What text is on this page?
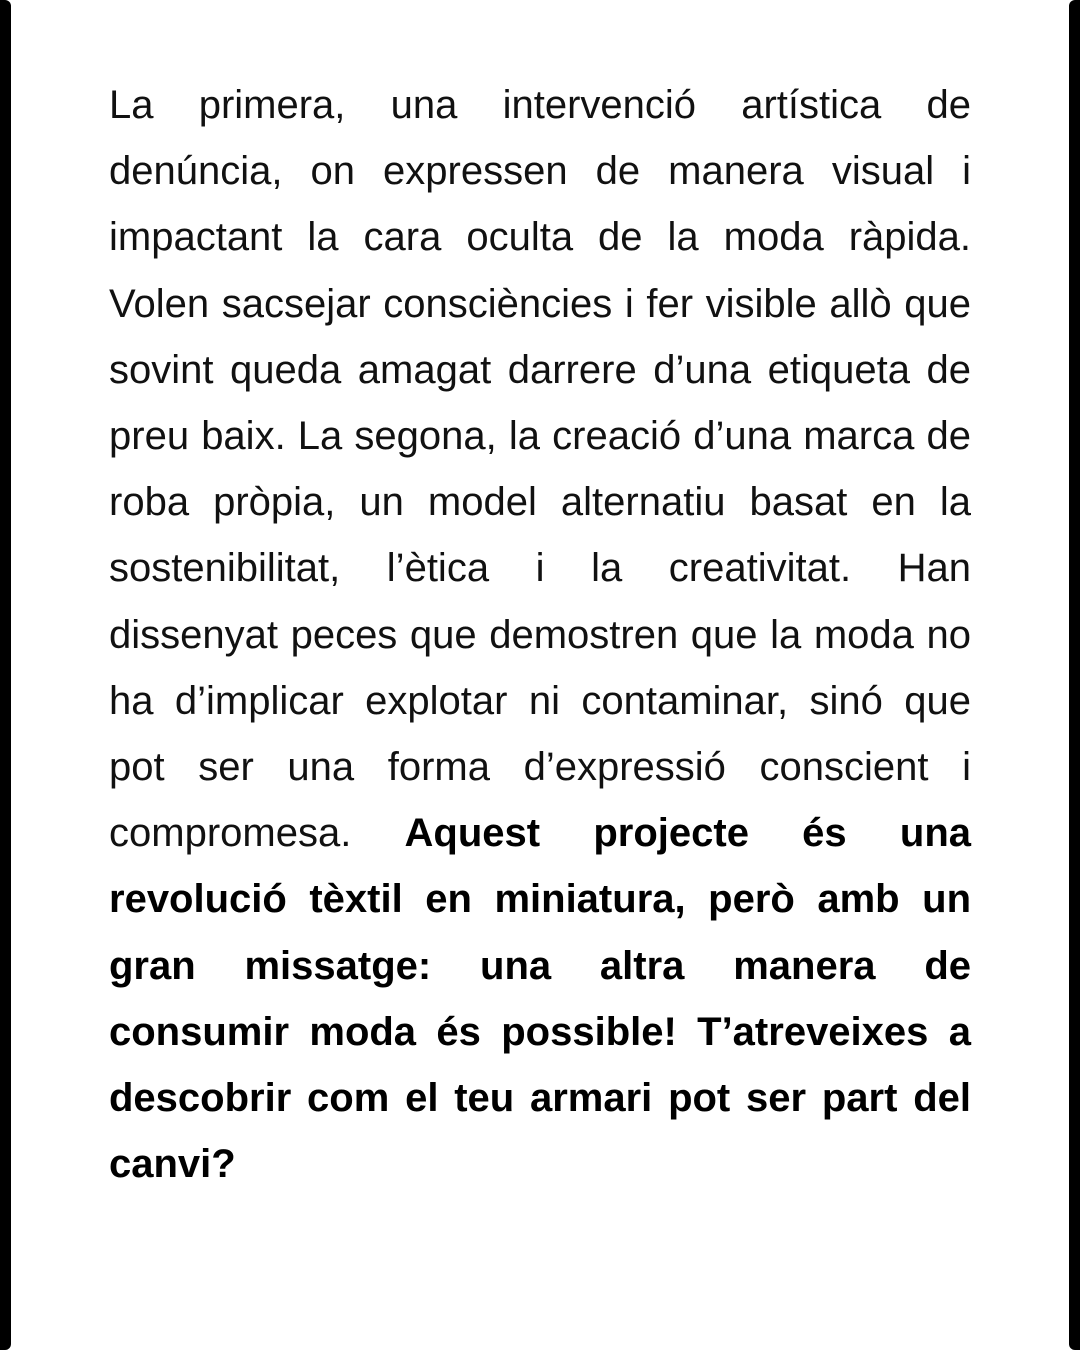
La primera, una intervenció artística de denúncia, on expressen de manera visual i impactant la cara oculta de la moda ràpida. Volen sacsejar consciències i fer visible allò que sovint queda amagat darrere d’una etiqueta de preu baix. La segona, la creació d’una marca de roba pròpia, un model alternatiu basat en la sostenibilitat, l’ètica i la creativitat. Han dissenyat peces que demostren que la moda no ha d’implicar explotar ni contaminar, sinó que pot ser una forma d’expressió conscient i compromesa. Aquest projecte és una revolució tèxtil en miniatura, però amb un gran missatge: una altra manera de consumir moda és possible! T’atreveixes a descobrir com el teu armari pot ser part del canvi?
